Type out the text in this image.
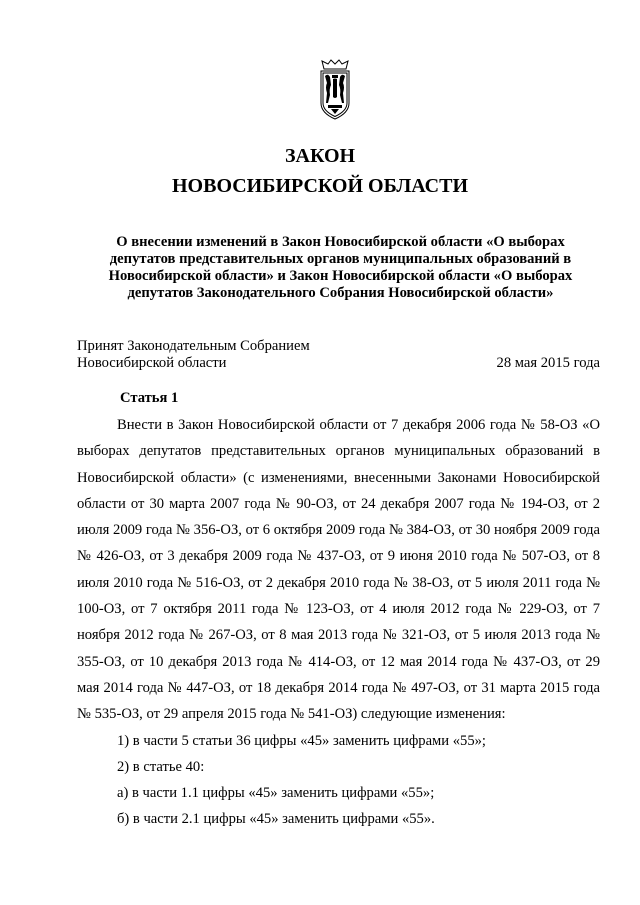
ЗАКОН
НОВОСИБИРСКОЙ ОБЛАСТИ
О внесении изменений в Закон Новосибирской области «О выборах
депутатов представительных органов муниципальных образований в
Новосибирской области» и Закон Новосибирской области «О выборах
депутатов Законодательного Собрания Новосибирской области»
Принят Законодательным Собранием
Новосибирской области	28 мая 2015 года
Статья 1
Внести в Закон Новосибирской области от 7 декабря 2006 года № 58-ОЗ «О выборах депутатов представительных органов муниципальных образований в Новосибирской области» (с изменениями, внесенными Законами Новосибирской области от 30 марта 2007 года № 90-ОЗ, от 24 декабря 2007 года № 194-ОЗ, от 2 июля 2009 года № 356-ОЗ, от 6 октября 2009 года № 384-ОЗ, от 30 ноября 2009 года № 426-ОЗ, от 3 декабря 2009 года № 437-ОЗ, от 9 июня 2010 года № 507-ОЗ, от 8 июля 2010 года № 516-ОЗ, от 2 декабря 2010 года № 38-ОЗ, от 5 июля 2011 года № 100-ОЗ, от 7 октября 2011 года № 123-ОЗ, от 4 июля 2012 года № 229-ОЗ, от 7 ноября 2012 года № 267-ОЗ, от 8 мая 2013 года № 321-ОЗ, от 5 июля 2013 года № 355-ОЗ, от 10 декабря 2013 года № 414-ОЗ, от 12 мая 2014 года № 437-ОЗ, от 29 мая 2014 года № 447-ОЗ, от 18 декабря 2014 года № 497-ОЗ, от 31 марта 2015 года № 535-ОЗ, от 29 апреля 2015 года № 541-ОЗ) следующие изменения:
1) в части 5 статьи 36 цифры «45» заменить цифрами «55»;
2) в статье 40:
а) в части 1.1 цифры «45» заменить цифрами «55»;
б) в части 2.1 цифры «45» заменить цифрами «55».
